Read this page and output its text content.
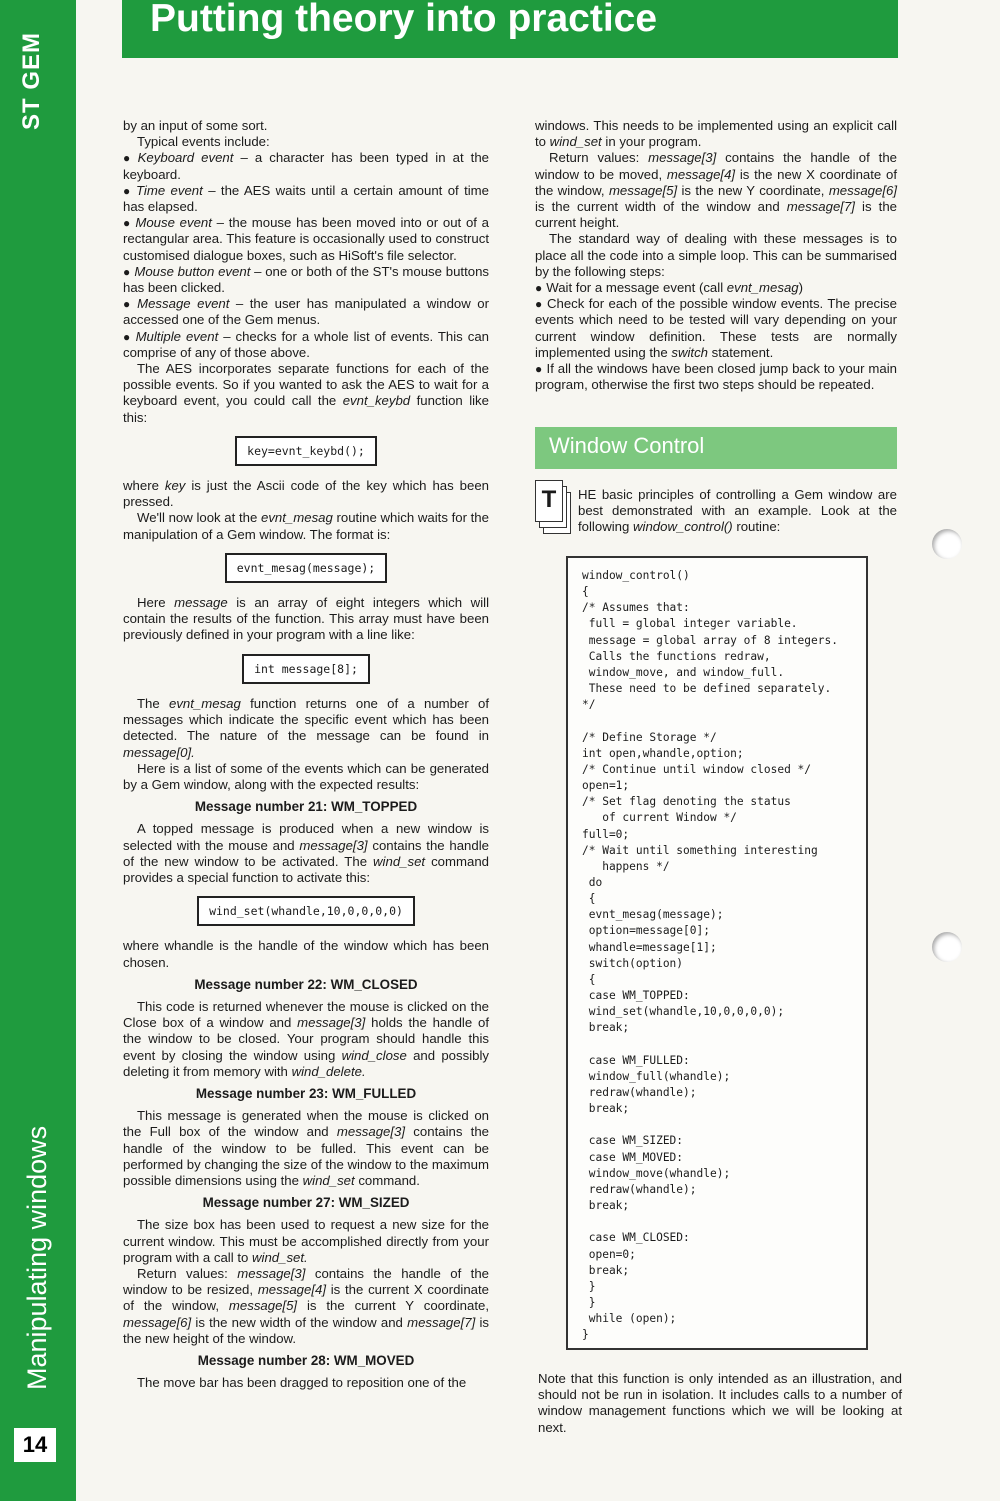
ST GEM
Manipulating windows
14
Putting theory into practice

by an input of some sort.

Typical events include:

● Keyboard event – a character has been typed in at the keyboard.

● Time event – the AES waits until a certain amount of time has elapsed.

● Mouse event – the mouse has been moved into or out of a rectangular area. This feature is occasionally used to construct customised dialogue boxes, such as HiSoft's file selector.

● Mouse button event – one or both of the ST's mouse buttons has been clicked.

● Message event – the user has manipulated a window or accessed one of the Gem menus.

● Multiple event – checks for a whole list of events. This can comprise of any of those above.

The AES incorporates separate functions for each of the possible events. So if you wanted to ask the AES to wait for a keyboard event, you could call the evnt_keybd function like this:

key=evnt_keybd();

where key is just the Ascii code of the key which has been pressed.

We'll now look at the evnt_mesag routine which waits for the manipulation of a Gem window. The format is:

evnt_mesag(message);

Here message is an array of eight integers which will contain the results of the function. This array must have been previously defined in your program with a line like:

int message[8];

The evnt_mesag function returns one of a number of messages which indicate the specific event which has been detected. The nature of the message can be found in message[0].

Here is a list of some of the events which can be generated by a Gem window, along with the expected results:

Message number 21: WM_TOPPED

A topped message is produced when a new window is selected with the mouse and message[3] contains the handle of the new window to be activated. The wind_set command provides a special function to activate this:

wind_set(whandle,10,0,0,0,0)

where whandle is the handle of the window which has been chosen.

Message number 22: WM_CLOSED

This code is returned whenever the mouse is clicked on the Close box of a window and message[3] holds the handle of the window to be closed. Your program should handle this event by closing the window using wind_close and possibly deleting it from memory with wind_delete.

Message number 23: WM_FULLED

This message is generated when the mouse is clicked on the Full box of the window and message[3] contains the handle of the window to be fulled. This event can be performed by changing the size of the window to the maximum possible dimensions using the wind_set command.

Message number 27: WM_SIZED

The size box has been used to request a new size for the current window. This must be accomplished directly from your program with a call to wind_set.

Return values: message[3] contains the handle of the window to be resized, message[4] is the current X coordinate of the window, message[5] is the current Y coordinate, message[6] is the new width of the window and message[7] is the new height of the window.

Message number 28: WM_MOVED

The move bar has been dragged to reposition one of the

windows. This needs to be implemented using an explicit call to wind_set in your program.

Return values: message[3] contains the handle of the window to be moved, message[4] is the new X coordinate of the window, message[5] is the new Y coordinate, message[6] is the current width of the window and message[7] is the current height.

The standard way of dealing with these messages is to place all the code into a simple loop. This can be summarised by the following steps:

● Wait for a message event (call evnt_mesag)

● Check for each of the possible window events. The precise events which need to be tested will vary depending on your current window definition. These tests are normally implemented using the switch statement.

● If all the windows have been closed jump back to your main program, otherwise the first two steps should be repeated.

Window Control
T	HE basic principles of controlling a Gem window are best demonstrated with an example. Look at the following window_control() routine:
window_control()
{
/* Assumes that:
full = global integer variable.
message = global array of 8 integers.
Calls the functions redraw,
window_move, and window_full.
These need to be defined separately.
*/

/* Define Storage */
int open,whandle,option;
/* Continue until window closed */
open=1;
/* Set flag denoting the status
of current Window */
full=0;
/* Wait until something interesting
happens */
do
{
evnt_mesag(message);
option=message[0];
whandle=message[1];
switch(option)
{
case WM_TOPPED:
wind_set(whandle,10,0,0,0,0);
break;

case WM_FULLED:
window_full(whandle);
redraw(whandle);
break;

case WM_SIZED:
case WM_MOVED:
window_move(whandle);
redraw(whandle);
break;

case WM_CLOSED:
open=0;
break;
}
}
while (open);
}
Note that this function is only intended as an illustration, and should not be run in isolation. It includes calls to a number of window management functions which we will be looking at next.
